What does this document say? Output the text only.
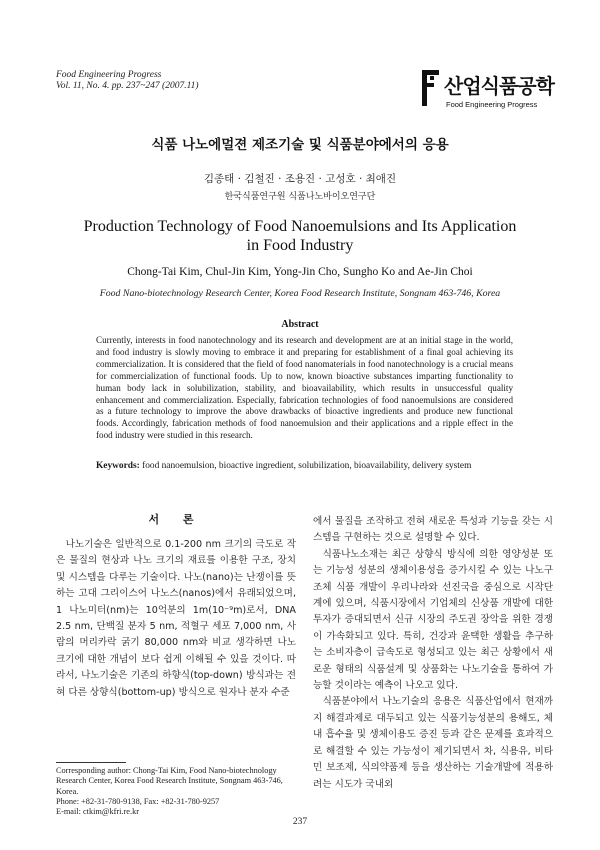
Food Engineering Progress
Vol. 11, No. 4. pp. 237~247 (2007.11)	산업식품공학
Food Engineering Progress
식품 나노에멀젼 제조기술 및 식품분야에서의 응용
김종태 · 김철진 · 조용진 · 고성호 · 최애진
한국식품연구원 식품나노바이오연구단
Production Technology of Food Nanoemulsions and Its Application in Food Industry
Chong-Tai Kim, Chul-Jin Kim, Yong-Jin Cho, Sungho Ko and Ae-Jin Choi
Food Nano-biotechnology Research Center, Korea Food Research Institute, Songnam 463-746, Korea
Abstract

Currently, interests in food nanotechnology and its research and development are at an initial stage in the world, and food industry is slowly moving to embrace it and preparing for establishment of a final goal achieving its commercialization. It is considered that the field of food nanomaterials in food nanotechnology is a crucial means for commercialization of functional foods. Up to now, known bioactive substances imparting functionality to human body lack in solubilization, stability, and bioavailability, which results in unsuccessful quality enhancement and commercialization. Especially, fabrication technologies of food nanoemulsions are considered as a future technology to improve the above drawbacks of bioactive ingredients and produce new functional foods. Accordingly, fabrication methods of food nanoemulsion and their applications and a ripple effect in the food industry were studied in this research.

Keywords: food nanoemulsion, bioactive ingredient, solubilization, bioavailability, delivery system
서 론

나노기술은 일반적으로 0.1-200 nm 크기의 극도로 작은 물질의 현상과 나노 크기의 재료를 이용한 구조, 장치 및 시스템을 다루는 기술이다. 나노(nano)는 난쟁이를 뜻하는 고대 그리이스어 나노스(nanos)에서 유래되었으며, 1 나노미터(nm)는 10억분의 1m(10⁻⁹m)로서, DNA 2.5 nm, 단백질 분자 5 nm, 적혈구 세포 7,000 nm, 사람의 머리카락 굵기 80,000 nm와 비교 생각하면 나노 크기에 대한 개념이 보다 쉽게 이해될 수 있을 것이다. 따라서, 나노기술은 기존의 하향식(top-down) 방식과는 전혀 다른 상향식(bottom-up) 방식으로 원자나 분자 수준

에서 물질을 조작하고 전혀 새로운 특성과 기능을 갖는 시스템을 구현하는 것으로 설명할 수 있다.

식품나노소재는 최근 상향식 방식에 의한 영양성분 또는 기능성 성분의 생체이용성을 증가시킬 수 있는 나노구조체 식품 개발이 우리나라와 선진국을 중심으로 시작단계에 있으며, 식품시장에서 기업체의 신상품 개발에 대한 투자가 증대되면서 신규 시장의 주도권 장악을 위한 경쟁이 가속화되고 있다. 특히, 건강과 윤택한 생활을 추구하는 소비자층이 급속도로 형성되고 있는 최근 상황에서 새로운 형태의 식품설계 및 상품화는 나노기술을 통하여 가능할 것이라는 예측이 나오고 있다.

식품분야에서 나노기술의 응용은 식품산업에서 현재까지 해결과제로 대두되고 있는 식품기능성분의 용해도, 체내 흡수율 및 생체이용도 증진 등과 같은 문제를 효과적으로 해결할 수 있는 가능성이 제기되면서 차, 식용유, 비타민 보조제, 식의약품제 등을 생산하는 기술개발에 적용하려는 시도가 국내외

Corresponding author: Chong-Tai Kim, Food Nano-biotechnology Research Center, Korea Food Research Institute, Songnam 463-746, Korea.
Phone: +82-31-780-9138, Fax: +82-31-780-9257
E-mail: ctkim@kfri.re.kr
237
